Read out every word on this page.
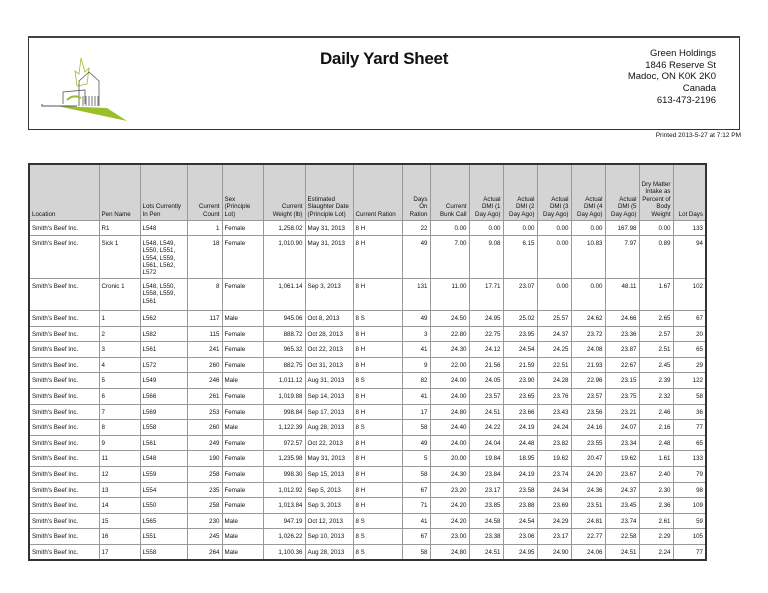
Daily Yard Sheet	Green Holdings
1846 Reserve St
Madoc, ON K0K 2K0
Canada
613-473-2196
Printed 2013-5-27 at 7:12 PM
Location	Pen Name	Lots Currently In Pen	Current Count	Sex (Principle Lot)	Current Weight (lb)	Estimated Slaughter Date (Principle Lot)	Current Ration	Days On Ration	Current Bunk Call	Actual DMI (1 Day Ago)	Actual DMI (2 Day Ago)	Actual DMI (3 Day Ago)	Actual DMI (4 Day Ago)	Actual DMI (5 Day Ago)	Dry Matter Intake as Percent of Body Weight	Lot Days
Smith's Beef Inc.	R1	L548	1	Female	1,258.02	May 31, 2013	8 H	22	0.00	0.00	0.00	0.00	0.00	167.98	0.00	133
Smith's Beef Inc.	Sick 1	L548, L549, L550, L551, L554, L559, L561, L562, L572	18	Female	1,010.90	May 31, 2013	8 H	49	7.00	9.08	6.15	0.00	10.83	7.97	0.89	94
Smith's Beef Inc.	Cronic 1	L548, L550, L558, L559, L561	8	Female	1,061.14	Sep 3, 2013	8 H	131	11.00	17.71	23.07	0.00	0.00	48.11	1.67	102
Smith's Beef Inc.	1	L562	117	Male	945.06	Oct 8, 2013	8 S	49	24.50	24.95	25.02	25.57	24.62	24.66	2.65	67
Smith's Beef Inc.	2	L582	115	Female	888.72	Oct 28, 2013	8 H	3	22.80	22.75	23.95	24.37	23.72	23.36	2.57	20
Smith's Beef Inc.	3	L561	241	Female	965.32	Oct 22, 2013	8 H	41	24.30	24.12	24.54	24.25	24.08	23.87	2.51	65
Smith's Beef Inc.	4	L572	260	Female	882.75	Oct 31, 2013	8 H	9	22.00	21.56	21.59	22.51	21.93	22.67	2.45	29
Smith's Beef Inc.	5	L549	246	Male	1,011.12	Aug 31, 2013	8 S	82	24.00	24.05	23.90	24.28	22.96	23.15	2.39	122
Smith's Beef Inc.	6	L566	261	Female	1,019.88	Sep 14, 2013	8 H	41	24.00	23.57	23.65	23.76	23.57	23.75	2.32	58
Smith's Beef Inc.	7	L569	253	Female	998.84	Sep 17, 2013	8 H	17	24.80	24.51	23.66	23.43	23.56	23.21	2.46	36
Smith's Beef Inc.	8	L558	260	Male	1,122.39	Aug 28, 2013	8 S	58	24.40	24.22	24.19	24.24	24.16	24.07	2.16	77
Smith's Beef Inc.	9	L561	249	Female	972.57	Oct 22, 2013	8 H	49	24.00	24.04	24.48	23.82	23.55	23.34	2.48	65
Smith's Beef Inc.	11	L548	190	Female	1,235.98	May 31, 2013	8 H	5	20.00	19.84	18.95	19.62	20.47	19.62	1.61	133
Smith's Beef Inc.	12	L559	258	Female	998.30	Sep 15, 2013	8 H	58	24.30	23.84	24.19	23.74	24.20	23.67	2.40	79
Smith's Beef Inc.	13	L554	235	Female	1,012.92	Sep 5, 2013	8 H	67	23.20	23.17	23.58	24.34	24.36	24.37	2.30	98
Smith's Beef Inc.	14	L550	258	Female	1,013.84	Sep 3, 2013	8 H	71	24.20	23.85	23.88	23.69	23.51	23.45	2.36	109
Smith's Beef Inc.	15	L565	230	Male	947.19	Oct 12, 2013	8 S	41	24.20	24.58	24.54	24.29	24.81	23.74	2.61	59
Smith's Beef Inc.	16	L551	245	Male	1,026.22	Sep 10, 2013	8 S	67	23.00	23.38	23.06	23.17	22.77	22.58	2.29	105
Smith's Beef Inc.	17	L558	264	Male	1,100.36	Aug 28, 2013	8 S	58	24.80	24.51	24.95	24.90	24.06	24.51	2.24	77
